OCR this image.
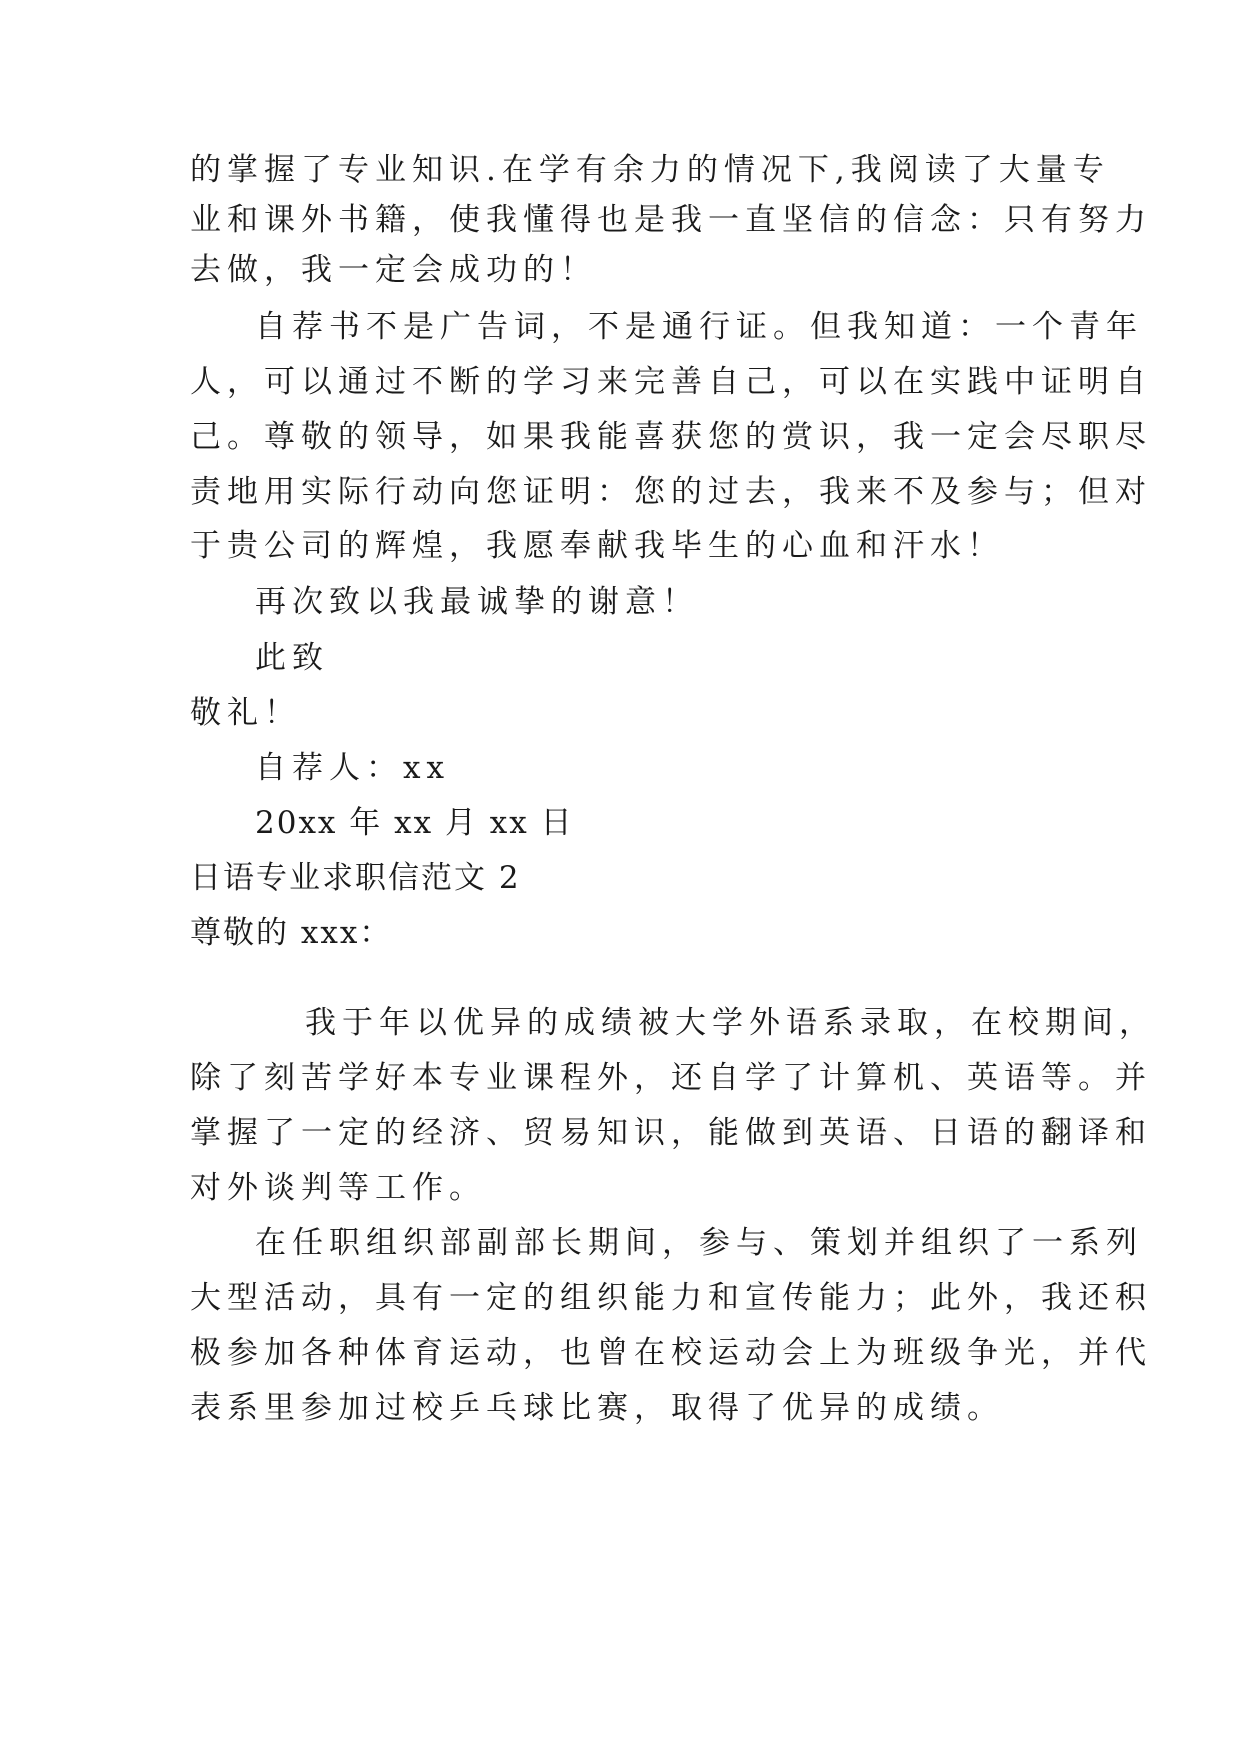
的掌握了专业知识.在学有余力的情况下,我阅读了大量专
业和课外书籍，使我懂得也是我一直坚信的信念：只有努力
去做，我一定会成功的！
自荐书不是广告词，不是通行证。但我知道：一个青年
人，可以通过不断的学习来完善自己，可以在实践中证明自
己。尊敬的领导，如果我能喜获您的赏识，我一定会尽职尽
责地用实际行动向您证明：您的过去，我来不及参与；但对
于贵公司的辉煌，我愿奉献我毕生的心血和汗水！
再次致以我最诚挚的谢意！
此致
敬礼！
自荐人：xx
20xx 年 xx 月 xx 日
日语专业求职信范文 2
尊敬的 xxx：
我于年以优异的成绩被大学外语系录取，在校期间，
除了刻苦学好本专业课程外，还自学了计算机、英语等。并
掌握了一定的经济、贸易知识，能做到英语、日语的翻译和
对外谈判等工作。
在任职组织部副部长期间，参与、策划并组织了一系列
大型活动，具有一定的组织能力和宣传能力；此外，我还积
极参加各种体育运动，也曾在校运动会上为班级争光，并代
表系里参加过校乒乓球比赛，取得了优异的成绩。
